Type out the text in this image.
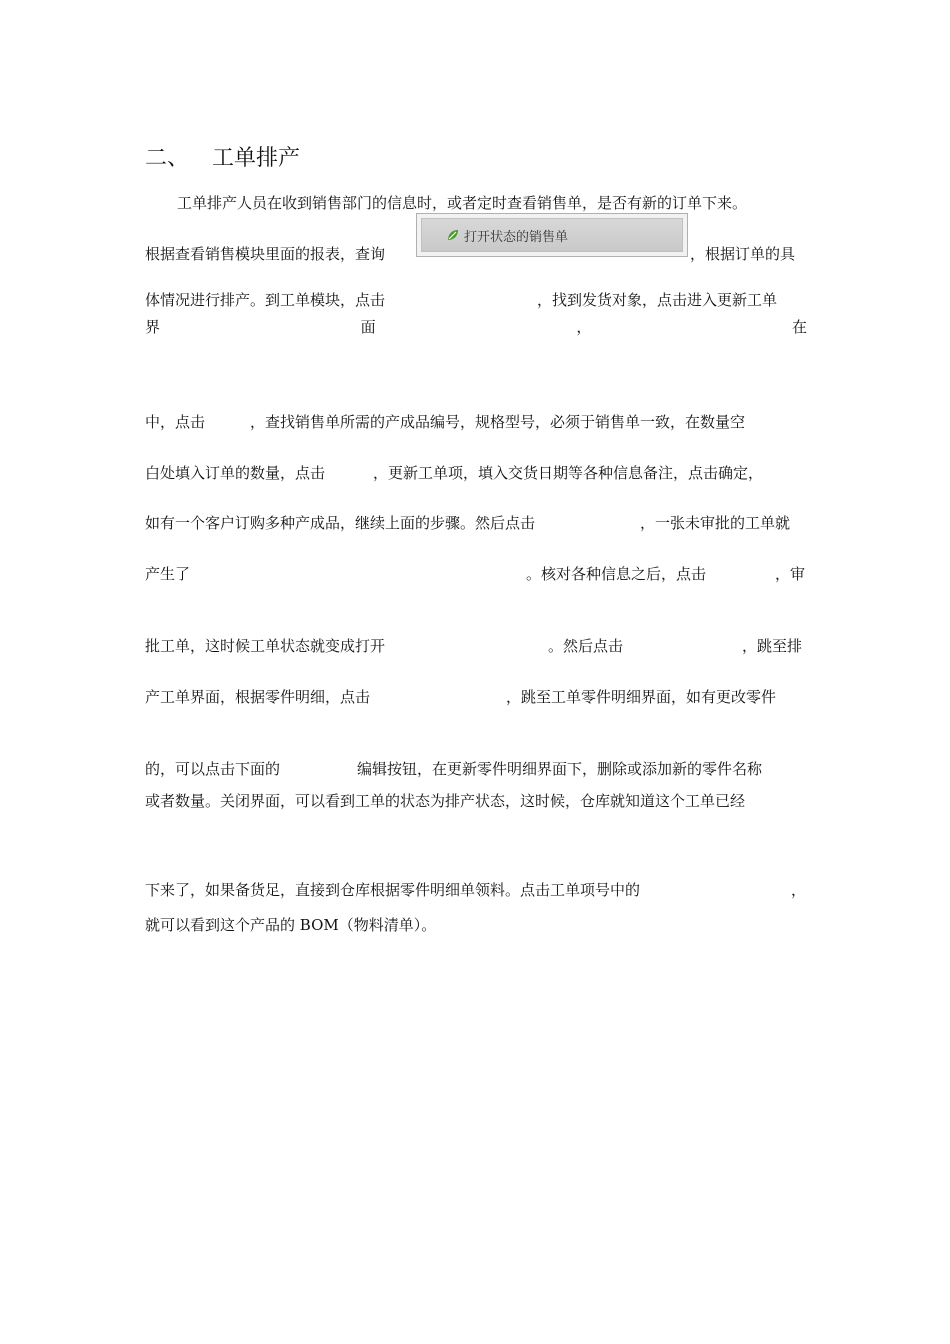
二、 工单排产
工单排产人员在收到销售部门的信息时，或者定时查看销售单，是否有新的订单下来。
根据查看销售模块里面的报表，查询	，根据订单的具
打开状态的销售单
体情况进行排产。到工单模块，点击	，找到发货对象，点击进入更新工单
界	面	，	在
中，点击	，查找销售单所需的产成品编号，规格型号，必须于销售单一致，在数量空
白处填入订单的数量，点击	，更新工单项，填入交货日期等各种信息备注，点击确定，
如有一个客户订购多种产成品，继续上面的步骤。然后点击	，一张未审批的工单就
产生了	。核对各种信息之后，点击	，审
批工单，这时候工单状态就变成打开	。然后点击	，跳至排
产工单界面，根据零件明细，点击	，跳至工单零件明细界面，如有更改零件
的，可以点击下面的	编辑按钮，在更新零件明细界面下，删除或添加新的零件名称
或者数量。关闭界面，可以看到工单的状态为排产状态，这时候，仓库就知道这个工单已经
下来了，如果备货足，直接到仓库根据零件明细单领料。点击工单项号中的	，
就可以看到这个产品的 BOM（物料清单）。
